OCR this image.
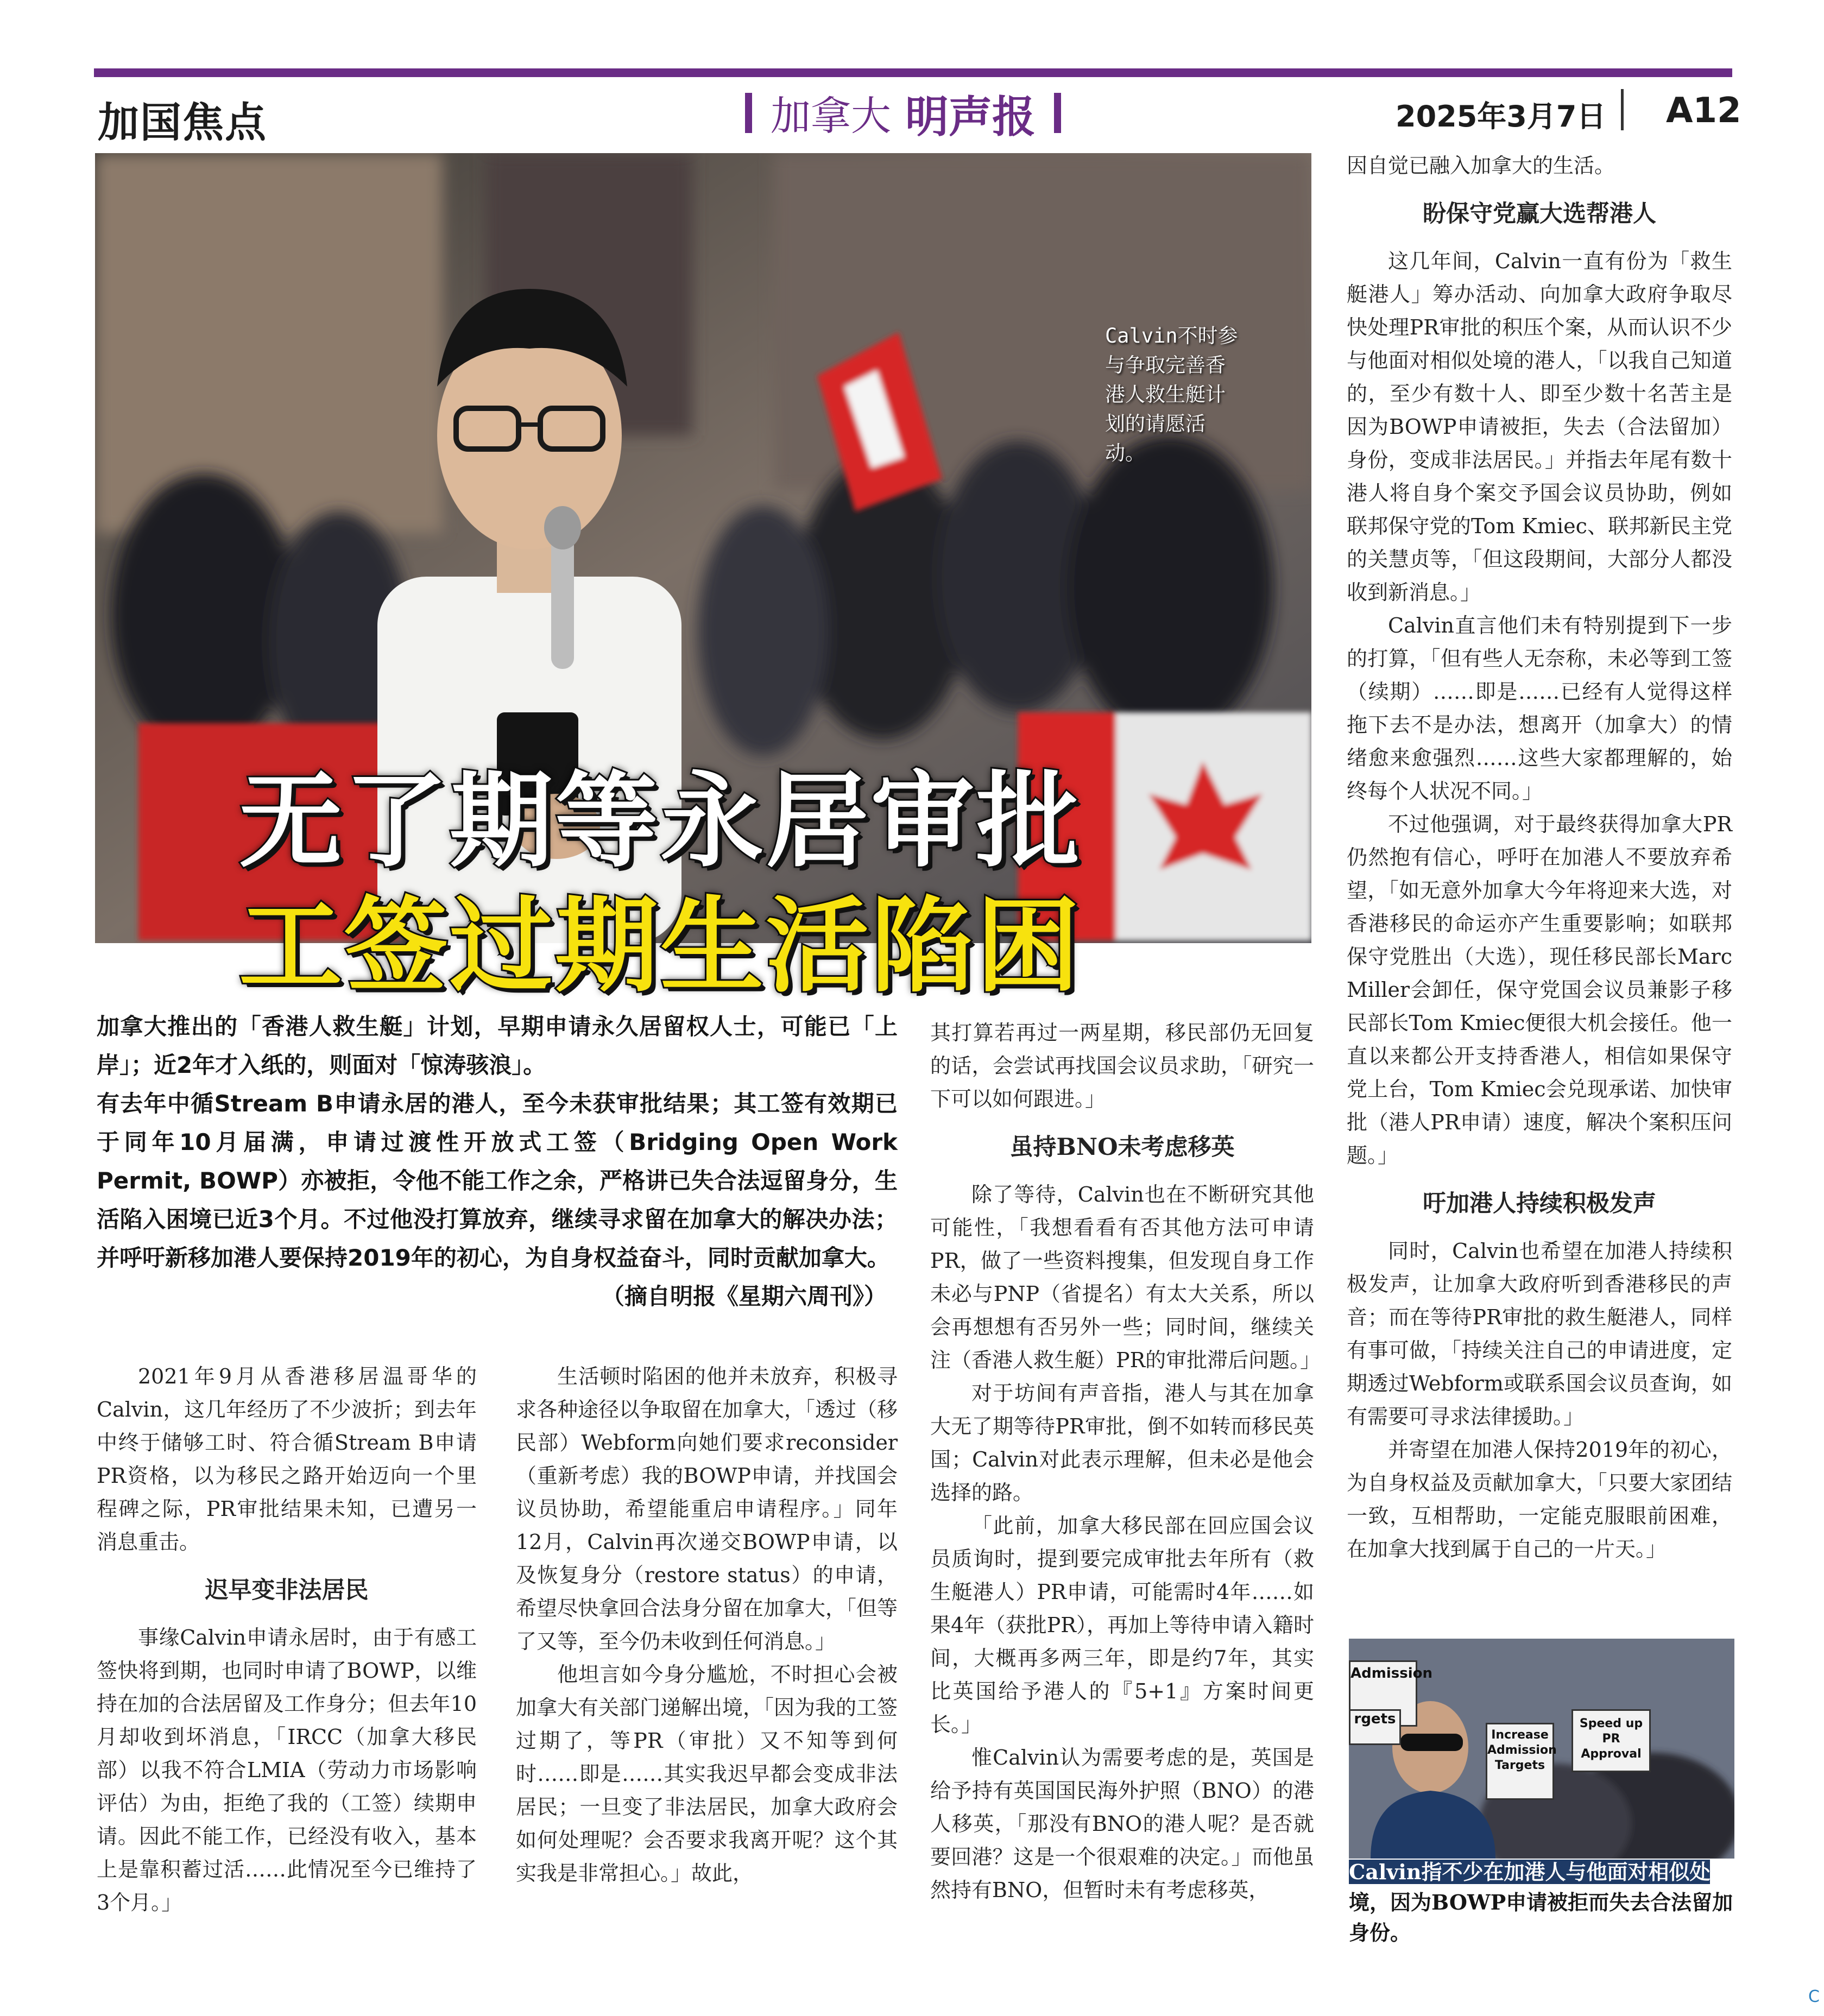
加国焦点	加拿大 明声报	2025年3月7日 A12
Calvin不时参与争取完善香港人救生艇计划的请愿活动。
无了期等永居审批
工签过期生活陷困

加拿大推出的「香港人救生艇」计划，早期申请永久居留权人士，可能已「上岸」；近2年才入纸的，则面对「惊涛骇浪」。

有去年中循Stream B申请永居的港人，至今未获审批结果；其工签有效期已于同年10月届满，申请过渡性开放式工签（Bridging Open Work Permit, BOWP）亦被拒，令他不能工作之余，严格讲已失合法逗留身分，生活陷入困境已近3个月。不过他没打算放弃，继续寻求留在加拿大的解决办法；并呼吁新移加港人要保持2019年的初心，为自身权益奋斗，同时贡献加拿大。

（摘自明报《星期六周刊》）

2021年9月从香港移居温哥华的Calvin，这几年经历了不少波折；到去年中终于储够工时、符合循Stream B申请PR资格，以为移民之路开始迈向一个里程碑之际，PR审批结果未知，已遭另一消息重击。

迟早变非法居民

事缘Calvin申请永居时，由于有感工签快将到期，也同时申请了BOWP，以维持在加的合法居留及工作身分；但去年10月却收到坏消息，「IRCC（加拿大移民部）以我不符合LMIA（劳动力市场影响评估）为由，拒绝了我的（工签）续期申请。因此不能工作，已经没有收入，基本上是靠积蓄过活……此情况至今已维持了3个月。」

生活顿时陷困的他并未放弃，积极寻求各种途径以争取留在加拿大，「透过（移民部）Webform向她们要求reconsider（重新考虑）我的BOWP申请，并找国会议员协助，希望能重启申请程序。」同年12月，Calvin再次递交BOWP申请，以及恢复身分（restore status）的申请，希望尽快拿回合法身分留在加拿大，「但等了又等，至今仍未收到任何消息。」

他坦言如今身分尴尬，不时担心会被加拿大有关部门递解出境，「因为我的工签过期了，等PR（审批）又不知等到何时……即是……其实我迟早都会变成非法居民；一旦变了非法居民，加拿大政府会如何处理呢？会否要求我离开呢？这个其实我是非常担心。」故此，

其打算若再过一两星期，移民部仍无回复的话，会尝试再找国会议员求助，「研究一下可以如何跟进。」

虽持BNO未考虑移英

除了等待，Calvin也在不断研究其他可能性，「我想看看有否其他方法可申请PR，做了一些资料搜集，但发现自身工作未必与PNP（省提名）有太大关系，所以会再想想有否另外一些；同时间，继续关注（香港人救生艇）PR的审批滞后问题。」

对于坊间有声音指，港人与其在加拿大无了期等待PR审批，倒不如转而移民英国；Calvin对此表示理解，但未必是他会选择的路。

「此前，加拿大移民部在回应国会议员质询时，提到要完成审批去年所有（救生艇港人）PR申请，可能需时4年……如果4年（获批PR），再加上等待申请入籍时间，大概再多两三年，即是约7年，其实比英国给予港人的『5+1』方案时间更长。」

惟Calvin认为需要考虑的是，英国是给予持有英国国民海外护照（BNO）的港人移英，「那没有BNO的港人呢？是否就要回港？这是一个很艰难的决定。」而他虽然持有BNO，但暂时未有考虑移英，

因自觉已融入加拿大的生活。

盼保守党赢大选帮港人

这几年间，Calvin一直有份为「救生艇港人」筹办活动、向加拿大政府争取尽快处理PR审批的积压个案，从而认识不少与他面对相似处境的港人，「以我自己知道的，至少有数十人、即至少数十名苦主是因为BOWP申请被拒，失去（合法留加）身份，变成非法居民。」并指去年尾有数十港人将自身个案交予国会议员协助，例如联邦保守党的Tom Kmiec、联邦新民主党的关慧贞等，「但这段期间，大部分人都没收到新消息。」

Calvin直言他们未有特别提到下一步的打算，「但有些人无奈称，未必等到工签（续期）……即是……已经有人觉得这样拖下去不是办法，想离开（加拿大）的情绪愈来愈强烈……这些大家都理解的，始终每个人状况不同。」

不过他强调，对于最终获得加拿大PR仍然抱有信心，呼吁在加港人不要放弃希望，「如无意外加拿大今年将迎来大选，对香港移民的命运亦产生重要影响；如联邦保守党胜出（大选），现任移民部长Marc Miller会卸任，保守党国会议员兼影子移民部长Tom Kmiec便很大机会接任。他一直以来都公开支持香港人，相信如果保守党上台，Tom Kmiec会兑现承诺、加快审批（港人PR申请）速度，解决个案积压问题。」

吁加港人持续积极发声

同时，Calvin也希望在加港人持续积极发声，让加拿大政府听到香港移民的声音；而在等待PR审批的救生艇港人，同样有事可做，「持续关注自己的申请进度，定期透过Webform或联系国会议员查询，如有需要可寻求法律援助。」

并寄望在加港人保持2019年的初心，为自身权益及贡献加拿大，「只要大家团结一致，互相帮助，一定能克服眼前困难，在加拿大找到属于自己的一片天。」

Admission
rgets
Increase Admission Targets
Speed up PR Approval
Calvin指不少在加港人与他面对相似处境，因为BOWP申请被拒而失去合法留加身份。
C
